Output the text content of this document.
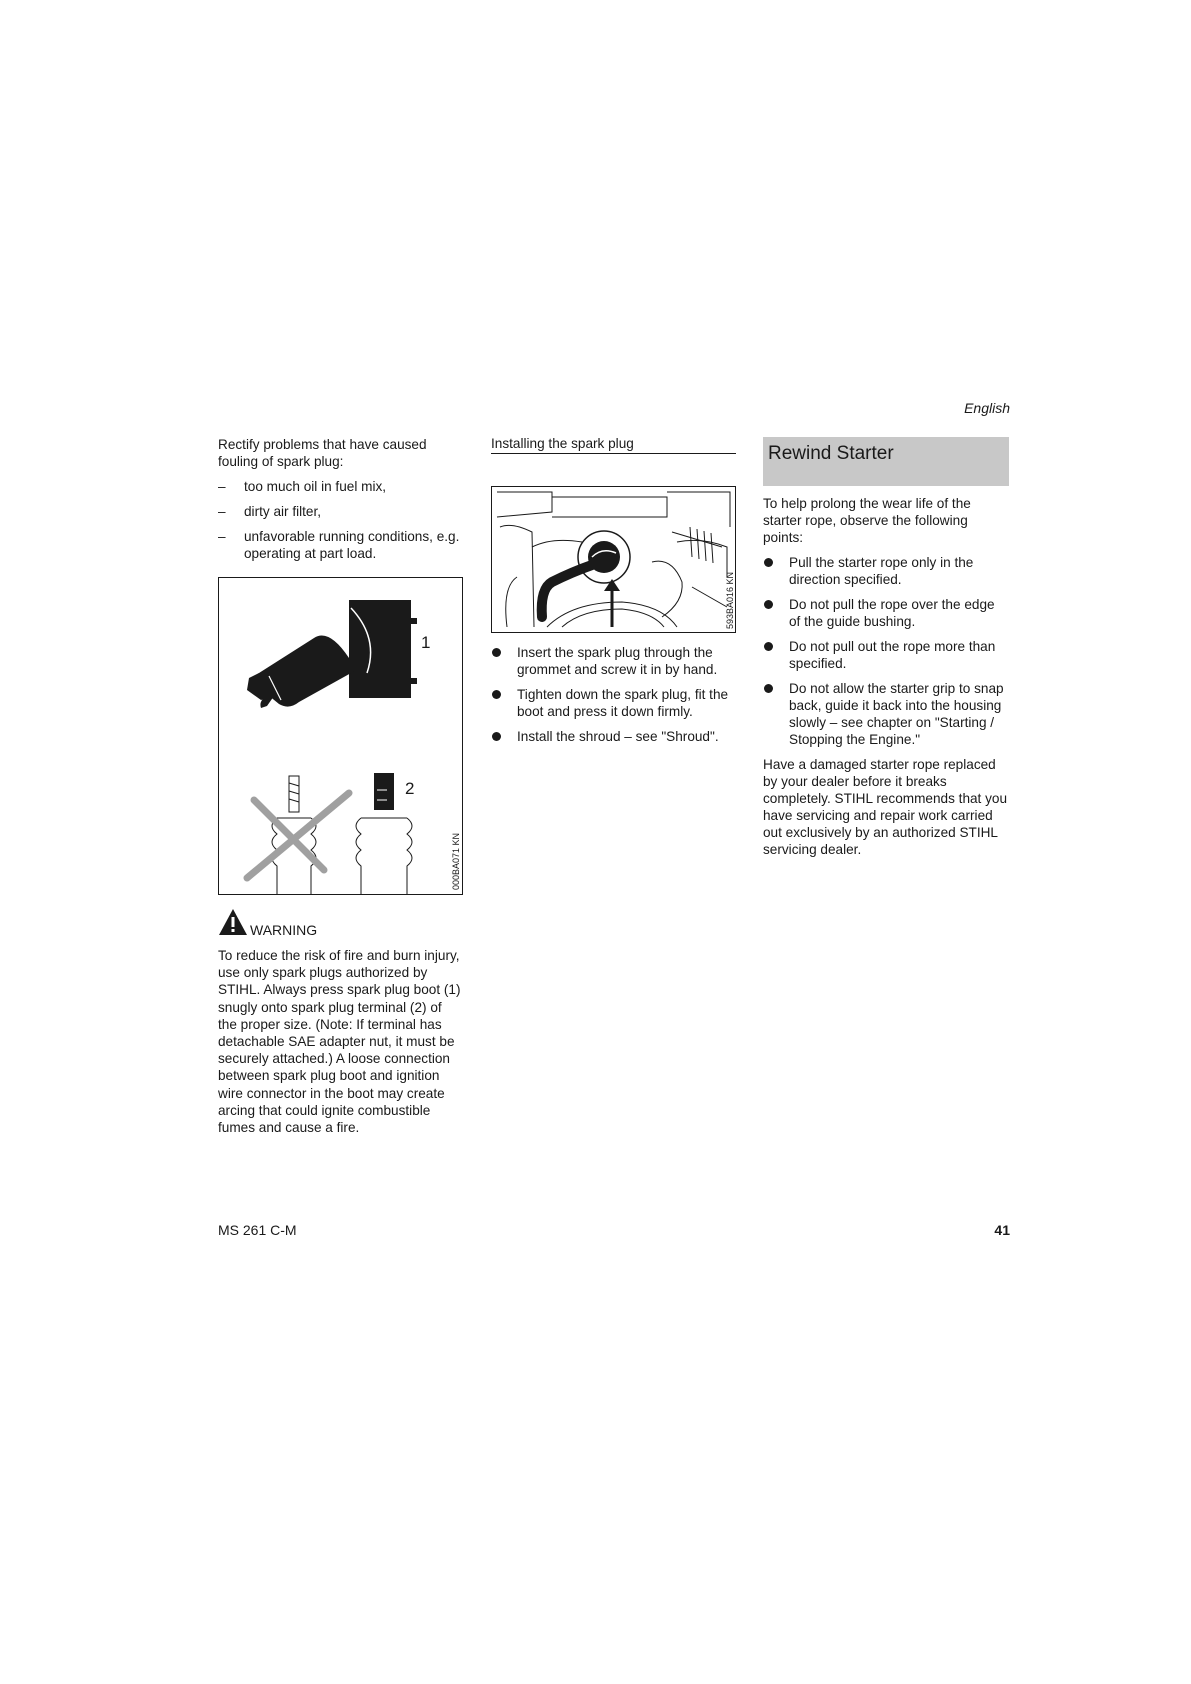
English

Rectify problems that have caused fouling of spark plug:

– too much oil in fuel mix,
– dirty air filter,
– unfavorable running conditions, e.g. operating at part load.
1
2
000BA071 KN
WARNING

To reduce the risk of fire and burn injury, use only spark plugs authorized by STIHL. Always press spark plug boot (1) snugly onto spark plug terminal (2) of the proper size. (Note: If terminal has detachable SAE adapter nut, it must be securely attached.) A loose connection between spark plug boot and ignition wire connector in the boot may create arcing that could ignite combustible fumes and cause a fire.

Installing the spark plug
593BA016 KN
Insert the spark plug through the grommet and screw it in by hand.
Tighten down the spark plug, fit the boot and press it down firmly.
Install the shroud – see "Shroud".
Rewind Starter

To help prolong the wear life of the starter rope, observe the following points:

Pull the starter rope only in the direction specified.
Do not pull the rope over the edge of the guide bushing.
Do not pull out the rope more than specified.
Do not allow the starter grip to snap back, guide it back into the housing slowly – see chapter on "Starting / Stopping the Engine."

Have a damaged starter rope replaced by your dealer before it breaks completely. STIHL recommends that you have servicing and repair work carried out exclusively by an authorized STIHL servicing dealer.

MS 261 C-M	41
